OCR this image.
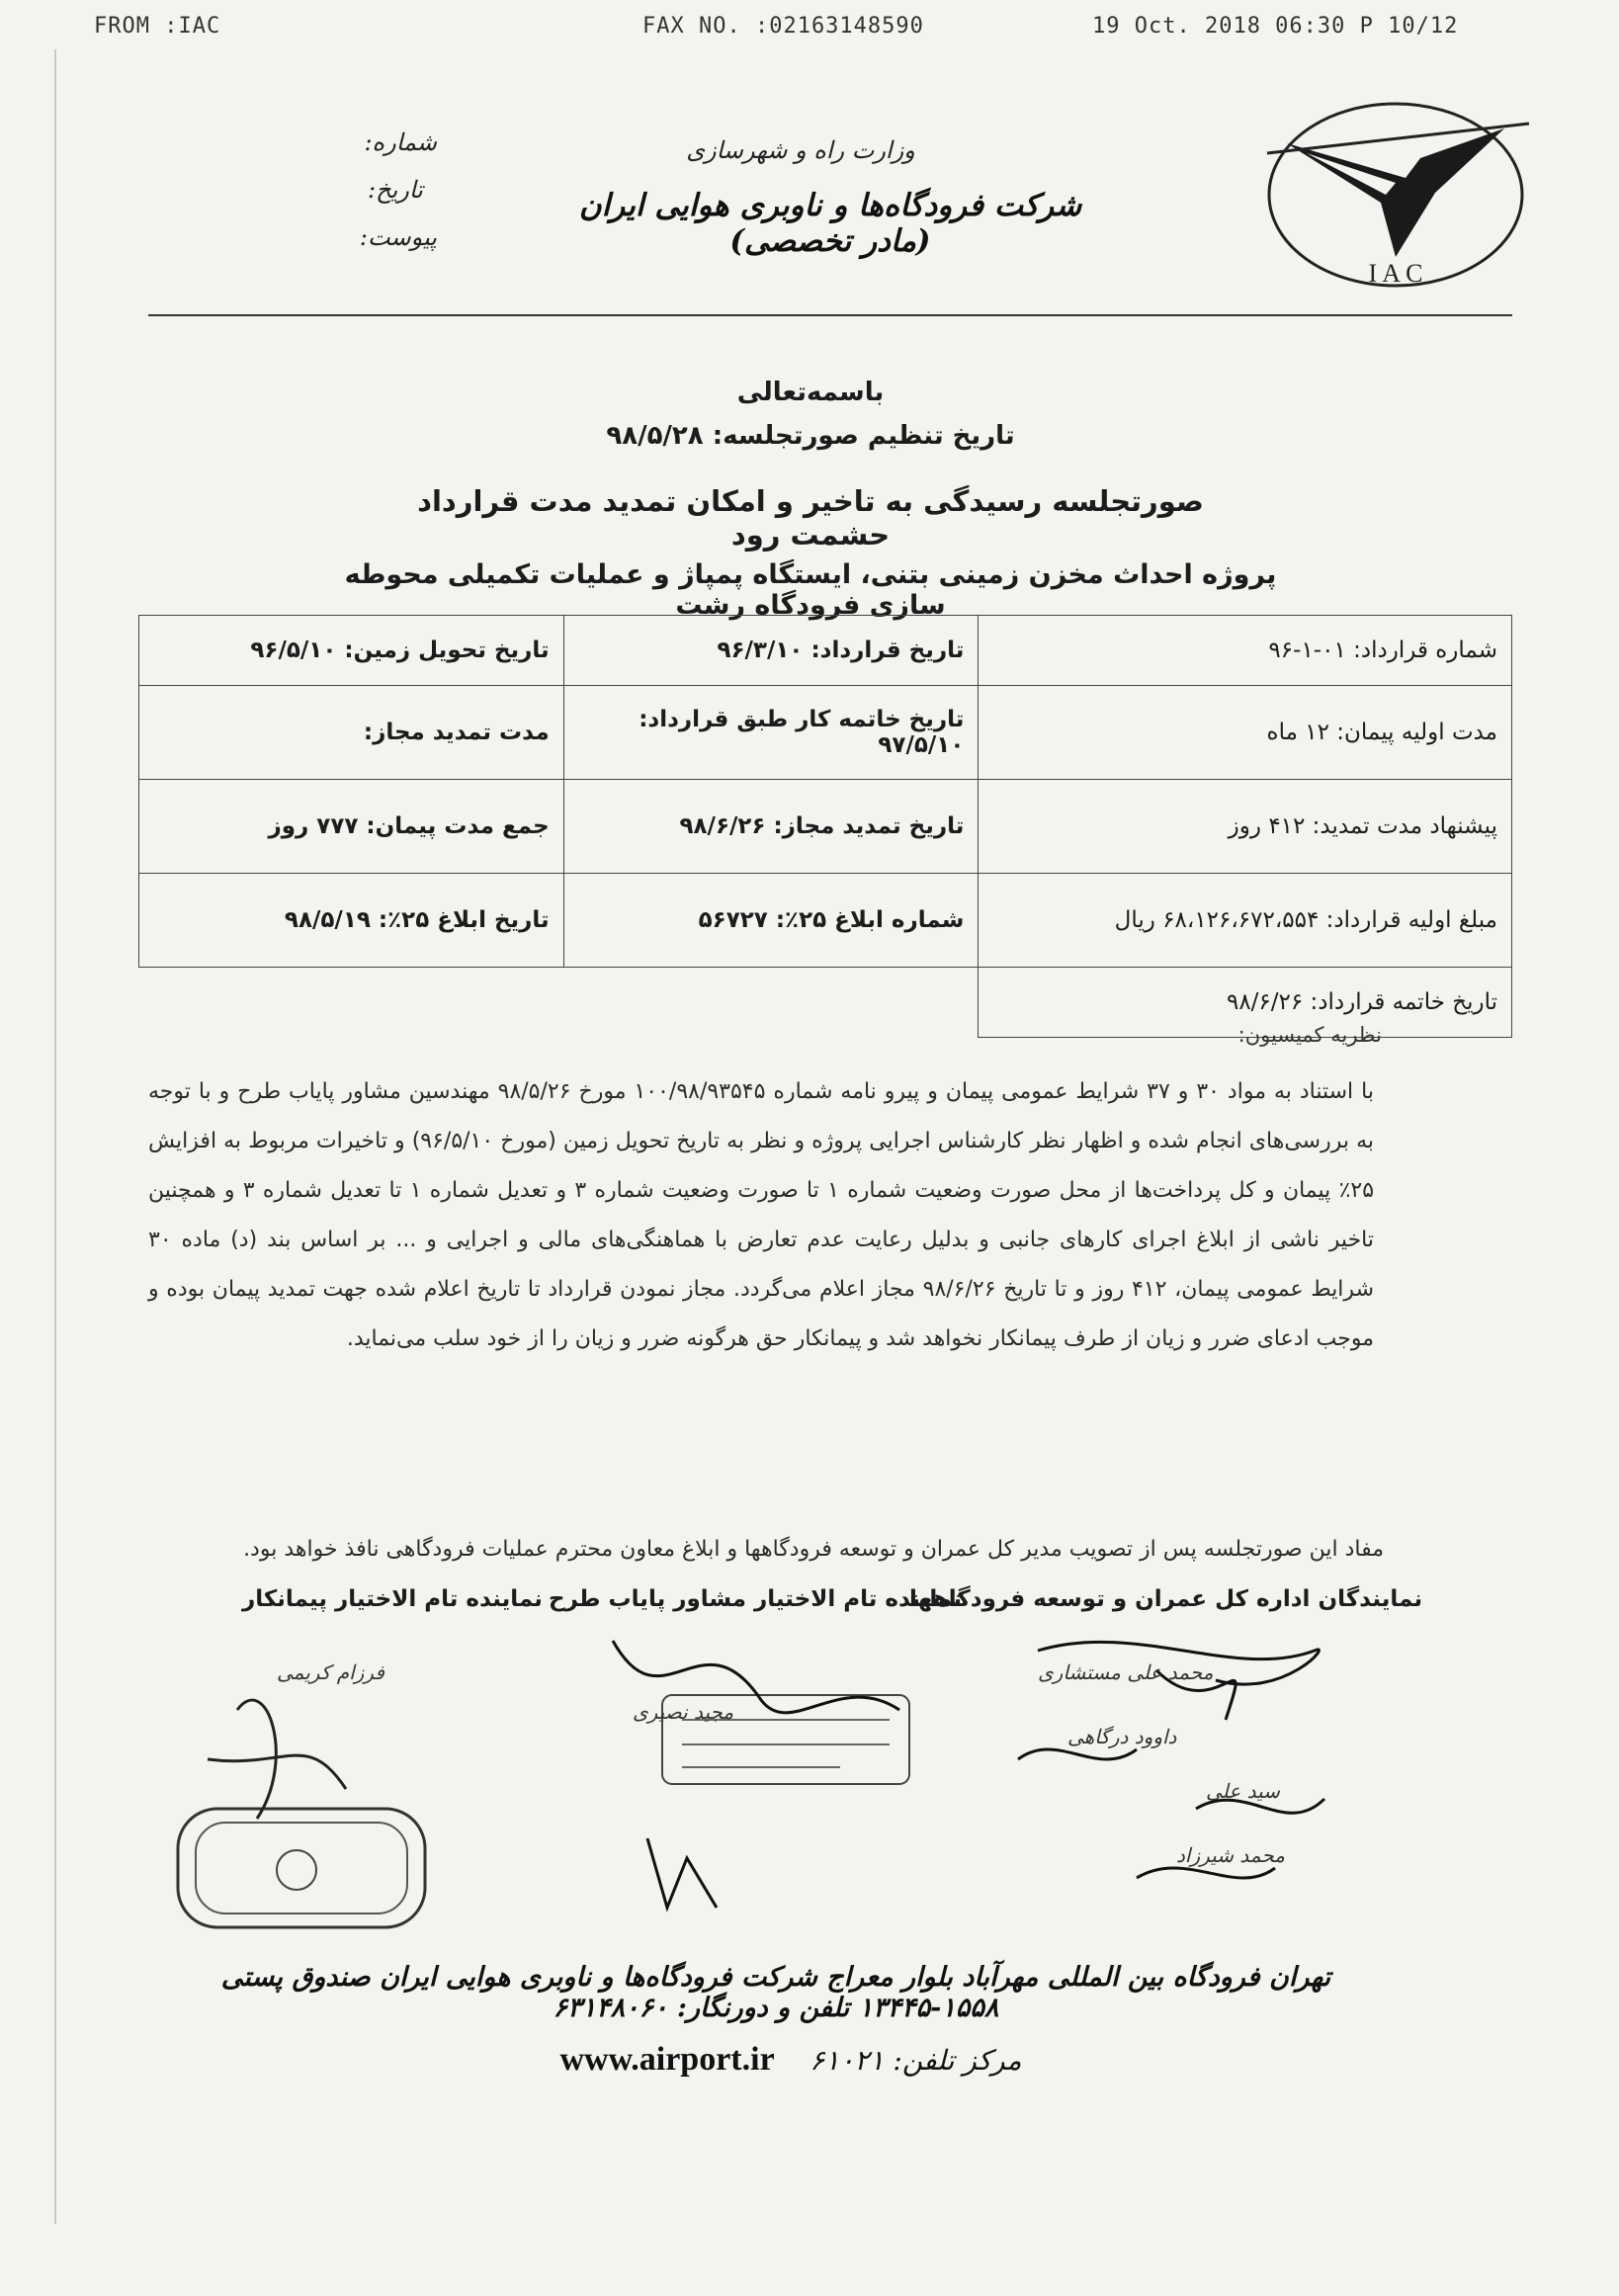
FROM :IAC	FAX NO. :02163148590	19 Oct. 2018 06:30 P 10/12
شماره:
تاریخ:
پیوست:
وزارت راه و شهرسازی
شرکت فرودگاه‌ها و ناوبری هوایی ایران (مادر تخصصی)
I A C
باسمه‌تعالی
تاریخ تنظیم صورتجلسه: ۹۸/۵/۲۸
صورتجلسه رسیدگی به تاخیر و امکان تمدید مدت قرارداد حشمت رود
پروژه احداث مخزن زمینی بتنی، ایستگاه پمپاژ و عملیات تکمیلی محوطه سازی فرودگاه رشت
شماره قرارداد: ۰۱-۱-۹۶	تاریخ قرارداد: ۹۶/۳/۱۰	تاریخ تحویل زمین: ۹۶/۵/۱۰
مدت اولیه پیمان: ۱۲ ماه	تاریخ خاتمه کار طبق قرارداد: ۹۷/۵/۱۰	مدت تمدید مجاز:
پیشنهاد مدت تمدید: ۴۱۲ روز	تاریخ تمدید مجاز: ۹۸/۶/۲۶	جمع مدت پیمان: ۷۷۷ روز
مبلغ اولیه قرارداد: ۶۸،۱۲۶،۶۷۲،۵۵۴ ریال	شماره ابلاغ ۲۵٪: ۵۶۷۲۷	تاریخ ابلاغ ۲۵٪: ۹۸/۵/۱۹
تاریخ خاتمه قرارداد: ۹۸/۶/۲۶		
نظریه کمیسیون:
با استناد به مواد ۳۰ و ۳۷ شرایط عمومی پیمان و پیرو نامه شماره ۱۰۰/۹۸/۹۳۵۴۵ مورخ ۹۸/۵/۲۶ مهندسین مشاور پایاب طرح و با توجه به بررسی‌های انجام شده و اظهار نظر کارشناس اجرایی پروژه و نظر به تاریخ تحویل زمین (مورخ ۹۶/۵/۱۰) و تاخیرات مربوط به افزایش ۲۵٪ پیمان و کل پرداخت‌ها از محل صورت وضعیت شماره ۱ تا صورت وضعیت شماره ۳ و تعدیل شماره ۱ تا تعدیل شماره ۳ و همچنین تاخیر ناشی از ابلاغ اجرای کارهای جانبی و بدلیل رعایت عدم تعارض با هماهنگی‌های مالی و اجرایی و ... بر اساس بند (د) ماده ۳۰ شرایط عمومی پیمان، ۴۱۲ روز و تا تاریخ ۹۸/۶/۲۶ مجاز اعلام می‌گردد. مجاز نمودن قرارداد تا تاریخ اعلام شده جهت تمدید پیمان بوده و موجب ادعای ضرر و زیان از طرف پیمانکار نخواهد شد و پیمانکار حق هرگونه ضرر و زیان را از خود سلب می‌نماید.
مفاد این صورتجلسه پس از تصویب مدیر کل عمران و توسعه فرودگاهها و ابلاغ معاون محترم عملیات فرودگاهی نافذ خواهد بود.
نماینده تام الاختیار پیمانکار نماینده تام الاختیار مشاور پایاب طرح
نمایندگان اداره کل عمران و توسعه فرودگاهها
فرزام کریمی
مجید نصیری
محمد علی مستشاری
داوود درگاهی
سید علی
محمد شیرزاد
تهران فرودگاه بین المللی مهرآباد بلوار معراج شرکت فرودگاه‌ها و ناوبری هوایی ایران صندوق پستی ۱۵۵۸-۱۳۴۴۵ تلفن و دورنگار: ۶۳۱۴۸۰۶۰
مرکز تلفن: ۶۱۰۲۱    www.airport.ir
